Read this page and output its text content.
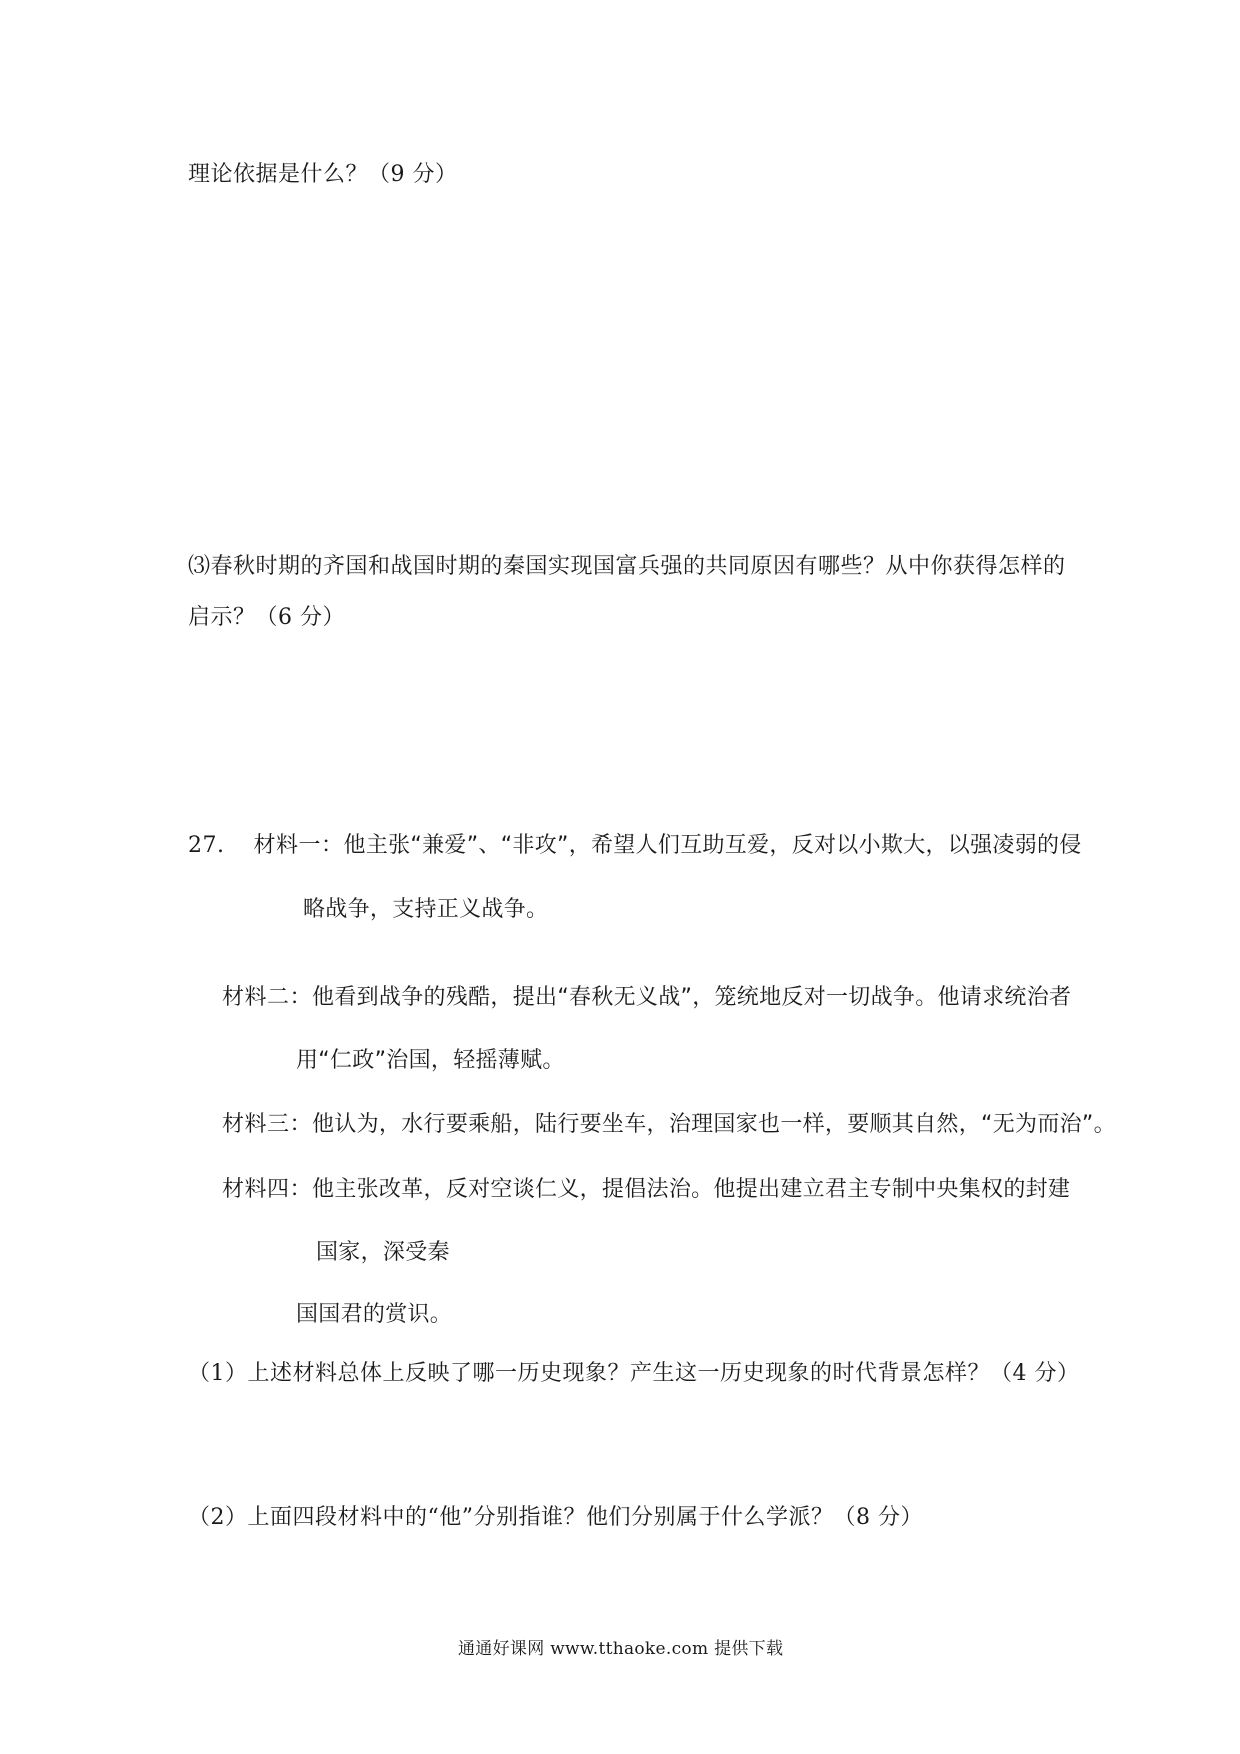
理论依据是什么？（9 分）
⑶春秋时期的齐国和战国时期的秦国实现国富兵强的共同原因有哪些？从中你获得怎样的
启示？（6 分）
27. 材料一：他主张“兼爱”、“非攻”，希望人们互助互爱，反对以小欺大，以强凌弱的侵
略战争，支持正义战争。
材料二：他看到战争的残酷，提出“春秋无义战”，笼统地反对一切战争。他请求统治者
用“仁政”治国，轻摇薄赋。
材料三：他认为，水行要乘船，陆行要坐车，治理国家也一样，要顺其自然，“无为而治”。
材料四：他主张改革，反对空谈仁义，提倡法治。他提出建立君主专制中央集权的封建
国家，深受秦
国国君的赏识。
（1）上述材料总体上反映了哪一历史现象？产生这一历史现象的时代背景怎样？（4 分）
（2）上面四段材料中的“他”分别指谁？他们分别属于什么学派？（8 分）
通通好课网 www.tthaoke.com 提供下载
